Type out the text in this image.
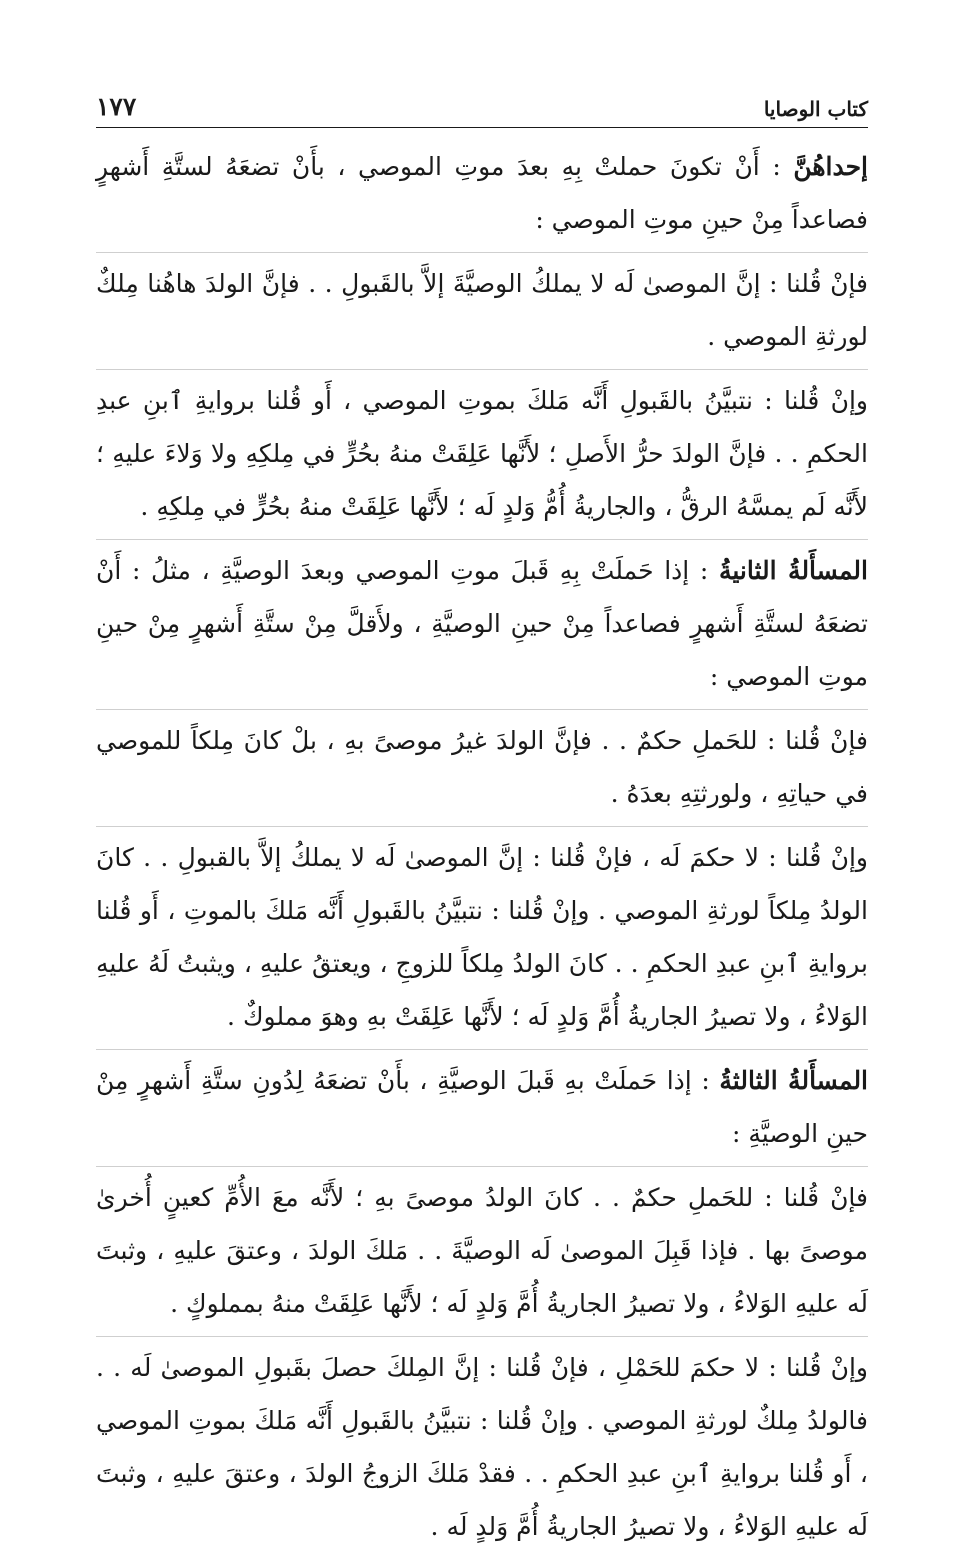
كتاب الوصايا
١٧٧

إحداهُنَّ : أَنْ تكونَ حملتْ بِهِ بعدَ موتِ الموصي ، بأَنْ تضعَهُ لستَّةِ أَشهرٍ فصاعداً مِنْ حينِ موتِ الموصي :

فإنْ قُلنا : إنَّ الموصىٰ لَه لا يملكُ الوصيَّةَ إلاَّ بالقَبولِ . . فإنَّ الولدَ هاهُنا مِلكٌ لورثةِ الموصي .

وإنْ قُلنا : نتبيَّنُ بالقَبولِ أَنَّه مَلكَ بموتِ الموصي ، أَو قُلنا بروايةِ ٱبنِ عبدِ الحكمِ . . فإنَّ الولدَ حرُّ الأَصلِ ؛ لأَنَّها عَلِقَتْ منهُ بحُرٍّ في مِلكِهِ ولا وَلاءَ عليهِ ؛ لأَنَّه لَم يمسَّهُ الرقُّ ، والجاريةُ أُمُّ وَلدٍ لَه ؛ لأَنَّها عَلِقَتْ منهُ بحُرٍّ في مِلكِهِ .

المسأَلةُ الثانيةُ : إذا حَملَتْ بِهِ قَبلَ موتِ الموصي وبعدَ الوصيَّةِ ، مثلُ : أَنْ تضعَهُ لستَّةِ أَشهرٍ فصاعداً مِنْ حينِ الوصيَّةِ ، ولأَقلَّ مِنْ ستَّةِ أَشهرٍ مِنْ حينِ موتِ الموصي :

فإنْ قُلنا : للحَملِ حكمٌ . . فإنَّ الولدَ غيرُ موصىً بهِ ، بلْ كانَ مِلكاً للموصي في حياتِهِ ، ولورثتِهِ بعدَهُ .

وإنْ قُلنا : لا حكمَ لَه ، فإنْ قُلنا : إنَّ الموصىٰ لَه لا يملكُ إلاَّ بالقبولِ . . كانَ الولدُ مِلكاً لورثةِ الموصي . وإنْ قُلنا : نتبيَّنُ بالقَبولِ أَنَّه مَلكَ بالموتِ ، أَو قُلنا بروايةِ ٱبنِ عبدِ الحكمِ . . كانَ الولدُ مِلكاً للزوجِ ، ويعتقُ عليهِ ، ويثبتُ لَهُ عليهِ الوَلاءُ ، ولا تصيرُ الجاريةُ أُمَّ وَلدٍ لَه ؛ لأَنَّها عَلِقَتْ بهِ وهوَ مملوكٌ .

المسأَلةُ الثالثةُ : إذا حَملَتْ بهِ قَبلَ الوصيَّةِ ، بأَنْ تضعَهُ لِدُونِ ستَّةِ أَشهرٍ مِنْ حينِ الوصيَّةِ :

فإنْ قُلنا : للحَملِ حكمٌ . . كانَ الولدُ موصىً بهِ ؛ لأَنَّه معَ الأُمِّ كعينٍ أُخرىٰ موصىً بها . فإذا قَبِلَ الموصىٰ لَه الوصيَّةَ . . مَلكَ الولدَ ، وعتقَ عليهِ ، وثبتَ لَه عليهِ الوَلاءُ ، ولا تصيرُ الجاريةُ أُمَّ وَلدٍ لَه ؛ لأَنَّها عَلِقَتْ منهُ بمملوكٍ .

وإنْ قُلنا : لا حكمَ للحَمْلِ ، فإنْ قُلنا : إنَّ المِلكَ حصلَ بقَبولِ الموصىٰ لَه . . فالولدُ مِلكٌ لورثةِ الموصي . وإنْ قُلنا : نتبيَّنُ بالقَبولِ أَنَّه مَلكَ بموتِ الموصي ، أَو قُلنا بروايةِ ٱبنِ عبدِ الحكمِ . . فقدْ مَلكَ الزوجُ الولدَ ، وعتقَ عليهِ ، وثبتَ لَه عليهِ الوَلاءُ ، ولا تصيرُ الجاريةُ أُمَّ وَلدٍ لَه .
